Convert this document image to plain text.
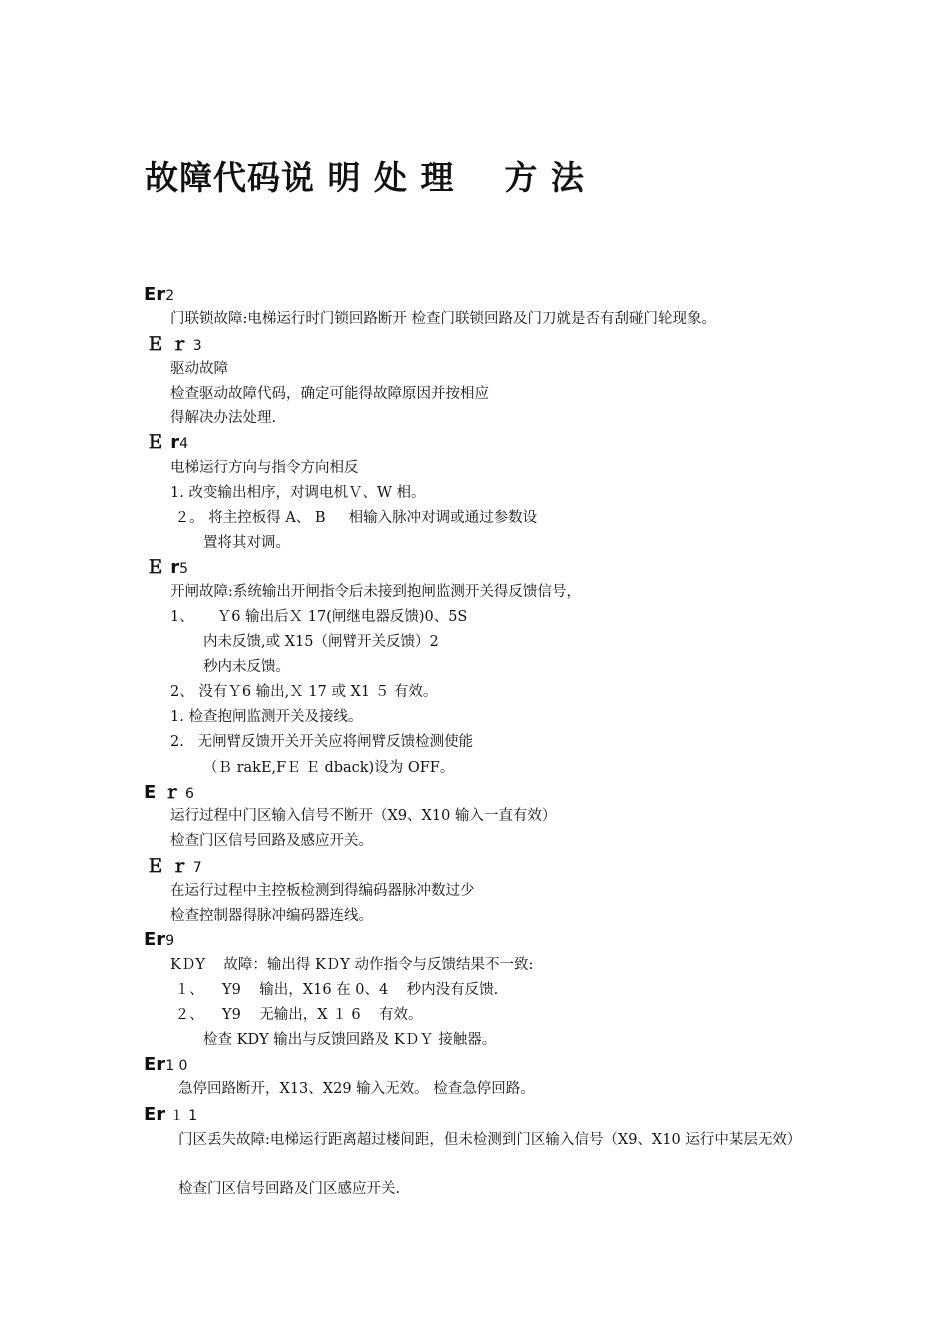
故障代码说 明 处 理    方 法
Er2
门联锁故障:电梯运行时门锁回路断开 检查门联锁回路及门刀就是否有刮碰门轮现象。
Ｅ ｒ 3
驱动故障
检查驱动故障代码，确定可能得故障原因并按相应
得解决办法处理.
Ｅ r4
电梯运行方向与指令方向相反
1. 改变输出相序，对调电机Ｖ、W 相。
２。 将主控板得 A、 B     相输入脉冲对调或通过参数设
置将其对调。
Ｅ r5
开闸故障:系统输出开闸指令后未接到抱闸监测开关得反馈信号，
1、     Ｙ6 输出后Ｘ 17(闸继电器反馈)0、5S
内未反馈,或 X15（闸臂开关反馈）2
秒内未反馈。
2、 没有Ｙ6 输出,Ｘ 17 或 X1 ５ 有效。
1. 检查抱闸监测开关及接线。
2.   无闸臂反馈开关开关应将闸臂反馈检测使能
（Ｂ rakE,FＥ Ｅ dback)设为 OFF。
E ｒ 6
运行过程中门区输入信号不断开（X9、X10 输入一直有效）
检查门区信号回路及感应开关。
Ｅ ｒ 7
在运行过程中主控板检测到得编码器脉冲数过少
检查控制器得脉冲编码器连线。
Er9
KＤY    故障：输出得 KＤY 动作指令与反馈结果不一致:
１、    Y9    输出，X16 在 0、4    秒内没有反馈.
２、    Y9    无输出，X １ 6    有效。
检查 KDY 输出与反馈回路及 KＤＹ 接触器。
Er1 0
急停回路断开，X13、X29 输入无效。 检查急停回路。
Er １ 1
门区丢失故障:电梯运行距离超过楼间距，但未检测到门区输入信号（X9、X10 运行中某层无效）
检查门区信号回路及门区感应开关.
